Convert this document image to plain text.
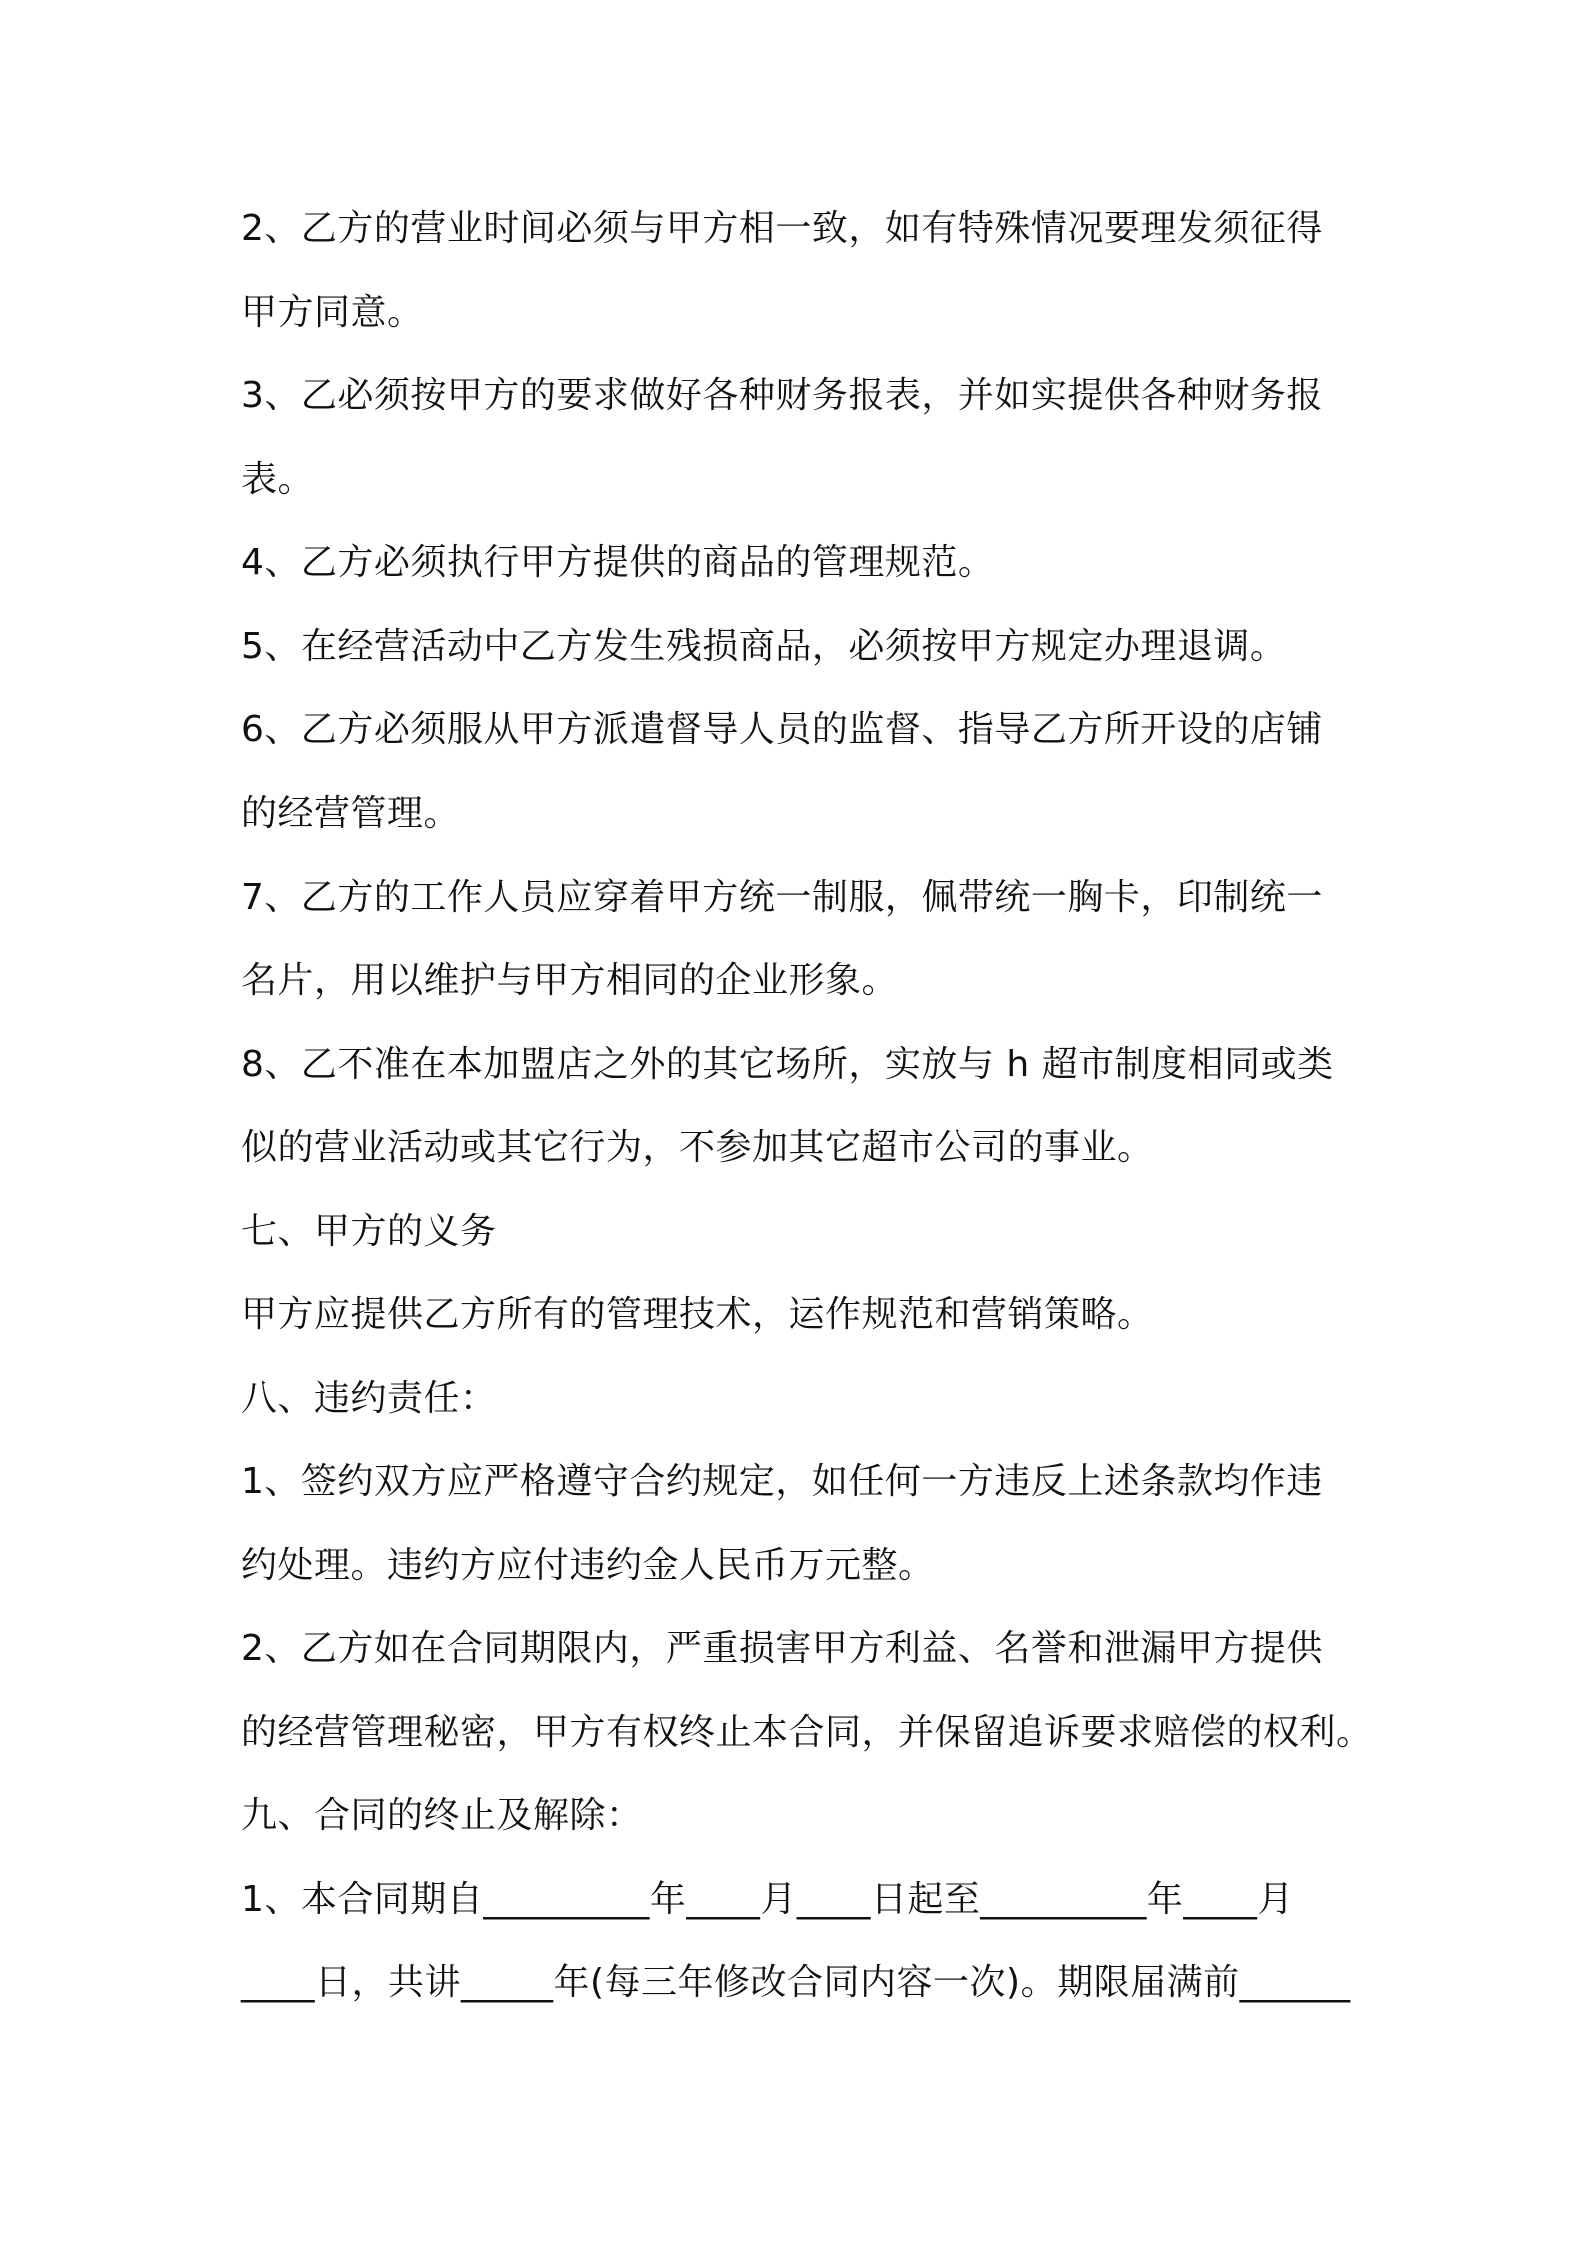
2、乙方的营业时间必须与甲方相一致，如有特殊情况要理发须征得
甲方同意。
3、乙必须按甲方的要求做好各种财务报表，并如实提供各种财务报
表。
4、乙方必须执行甲方提供的商品的管理规范。
5、在经营活动中乙方发生残损商品，必须按甲方规定办理退调。
6、乙方必须服从甲方派遣督导人员的监督、指导乙方所开设的店铺
的经营管理。
7、乙方的工作人员应穿着甲方统一制服，佩带统一胸卡，印制统一
名片，用以维护与甲方相同的企业形象。
8、乙不准在本加盟店之外的其它场所，实放与 h 超市制度相同或类
似的营业活动或其它行为，不参加其它超市公司的事业。
七、甲方的义务
甲方应提供乙方所有的管理技术，运作规范和营销策略。
八、违约责任：
1、签约双方应严格遵守合约规定，如任何一方违反上述条款均作违
约处理。违约方应付违约金人民币万元整。
2、乙方如在合同期限内，严重损害甲方利益、名誉和泄漏甲方提供
的经营管理秘密，甲方有权终止本合同，并保留追诉要求赔偿的权利。
九、合同的终止及解除：
1、本合同期自_________年____月____日起至_________年____月
____日，共讲_____年(每三年修改合同内容一次)。期限届满前______
